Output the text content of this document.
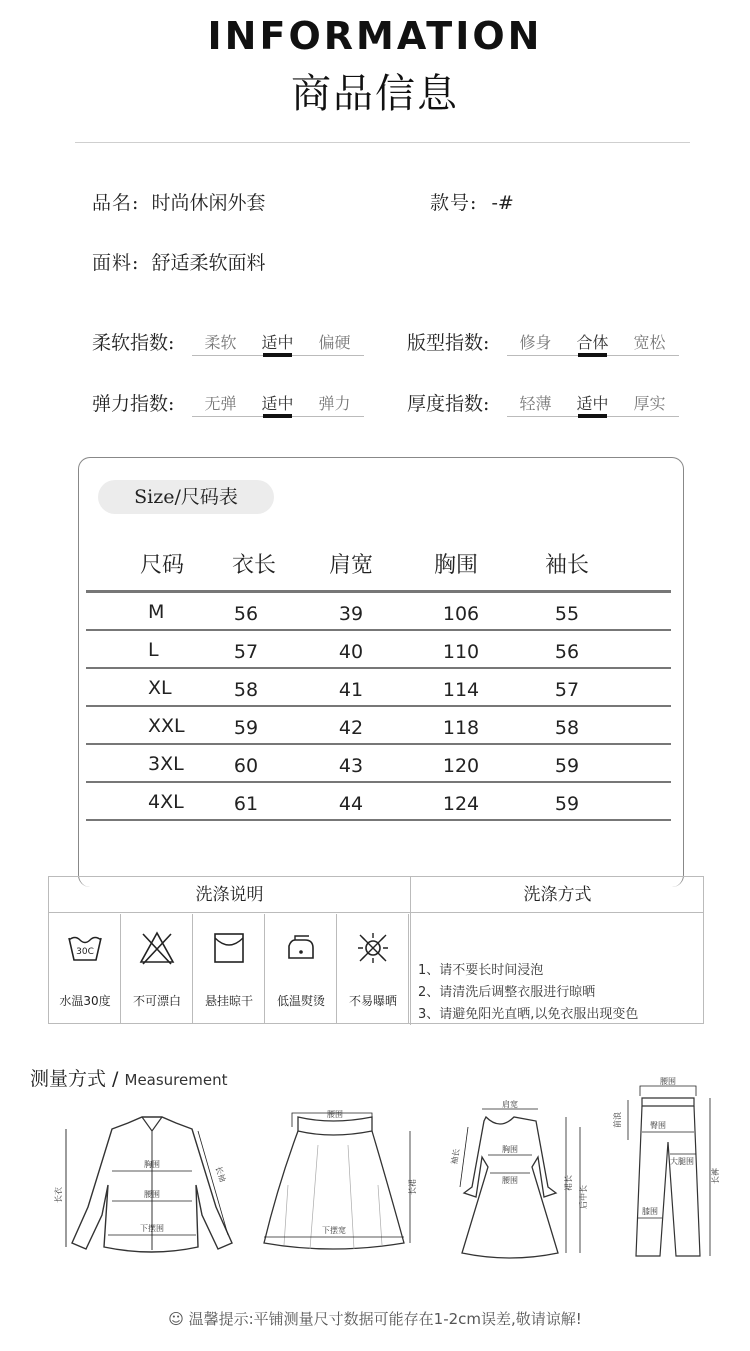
INFORMATION
商品信息
品名: 时尚休闲外套	款号: -#
面料: 舒适柔软面料
柔软指数:	柔软	适中	偏硬	版型指数:	修身	合体	宽松
弹力指数:	无弹	适中	弹力	厚度指数:	轻薄	适中	厚实
Size/尺码表
尺码 衣长 肩宽	胸围	袖长
M	56	39	106	55
L	57	40	110	56
XL	58	41	114	57
XXL	59	42	118	58
3XL	60	43	120	59
4XL	61	44	124	59
洗涤说明	洗涤方式
30C
水温30度	不可漂白	悬挂晾干	低温熨烫	不易曝晒
1、请不要长时间浸泡
2、请清洗后调整衣服进行晾晒
3、请避免阳光直晒,以免衣服出现变色
测量方式 / Measurement
长衣
胸围
腰围
下摆围
长袖
腰围
下摆宽
长裙
肩宽
袖长	胸围
腰围	裙长
后中长
腰围
前浪	臀围
大腿围
膝围
长裤
☺ 温馨提示:平铺测量尺寸数据可能存在1-2cm误差,敬请谅解!
